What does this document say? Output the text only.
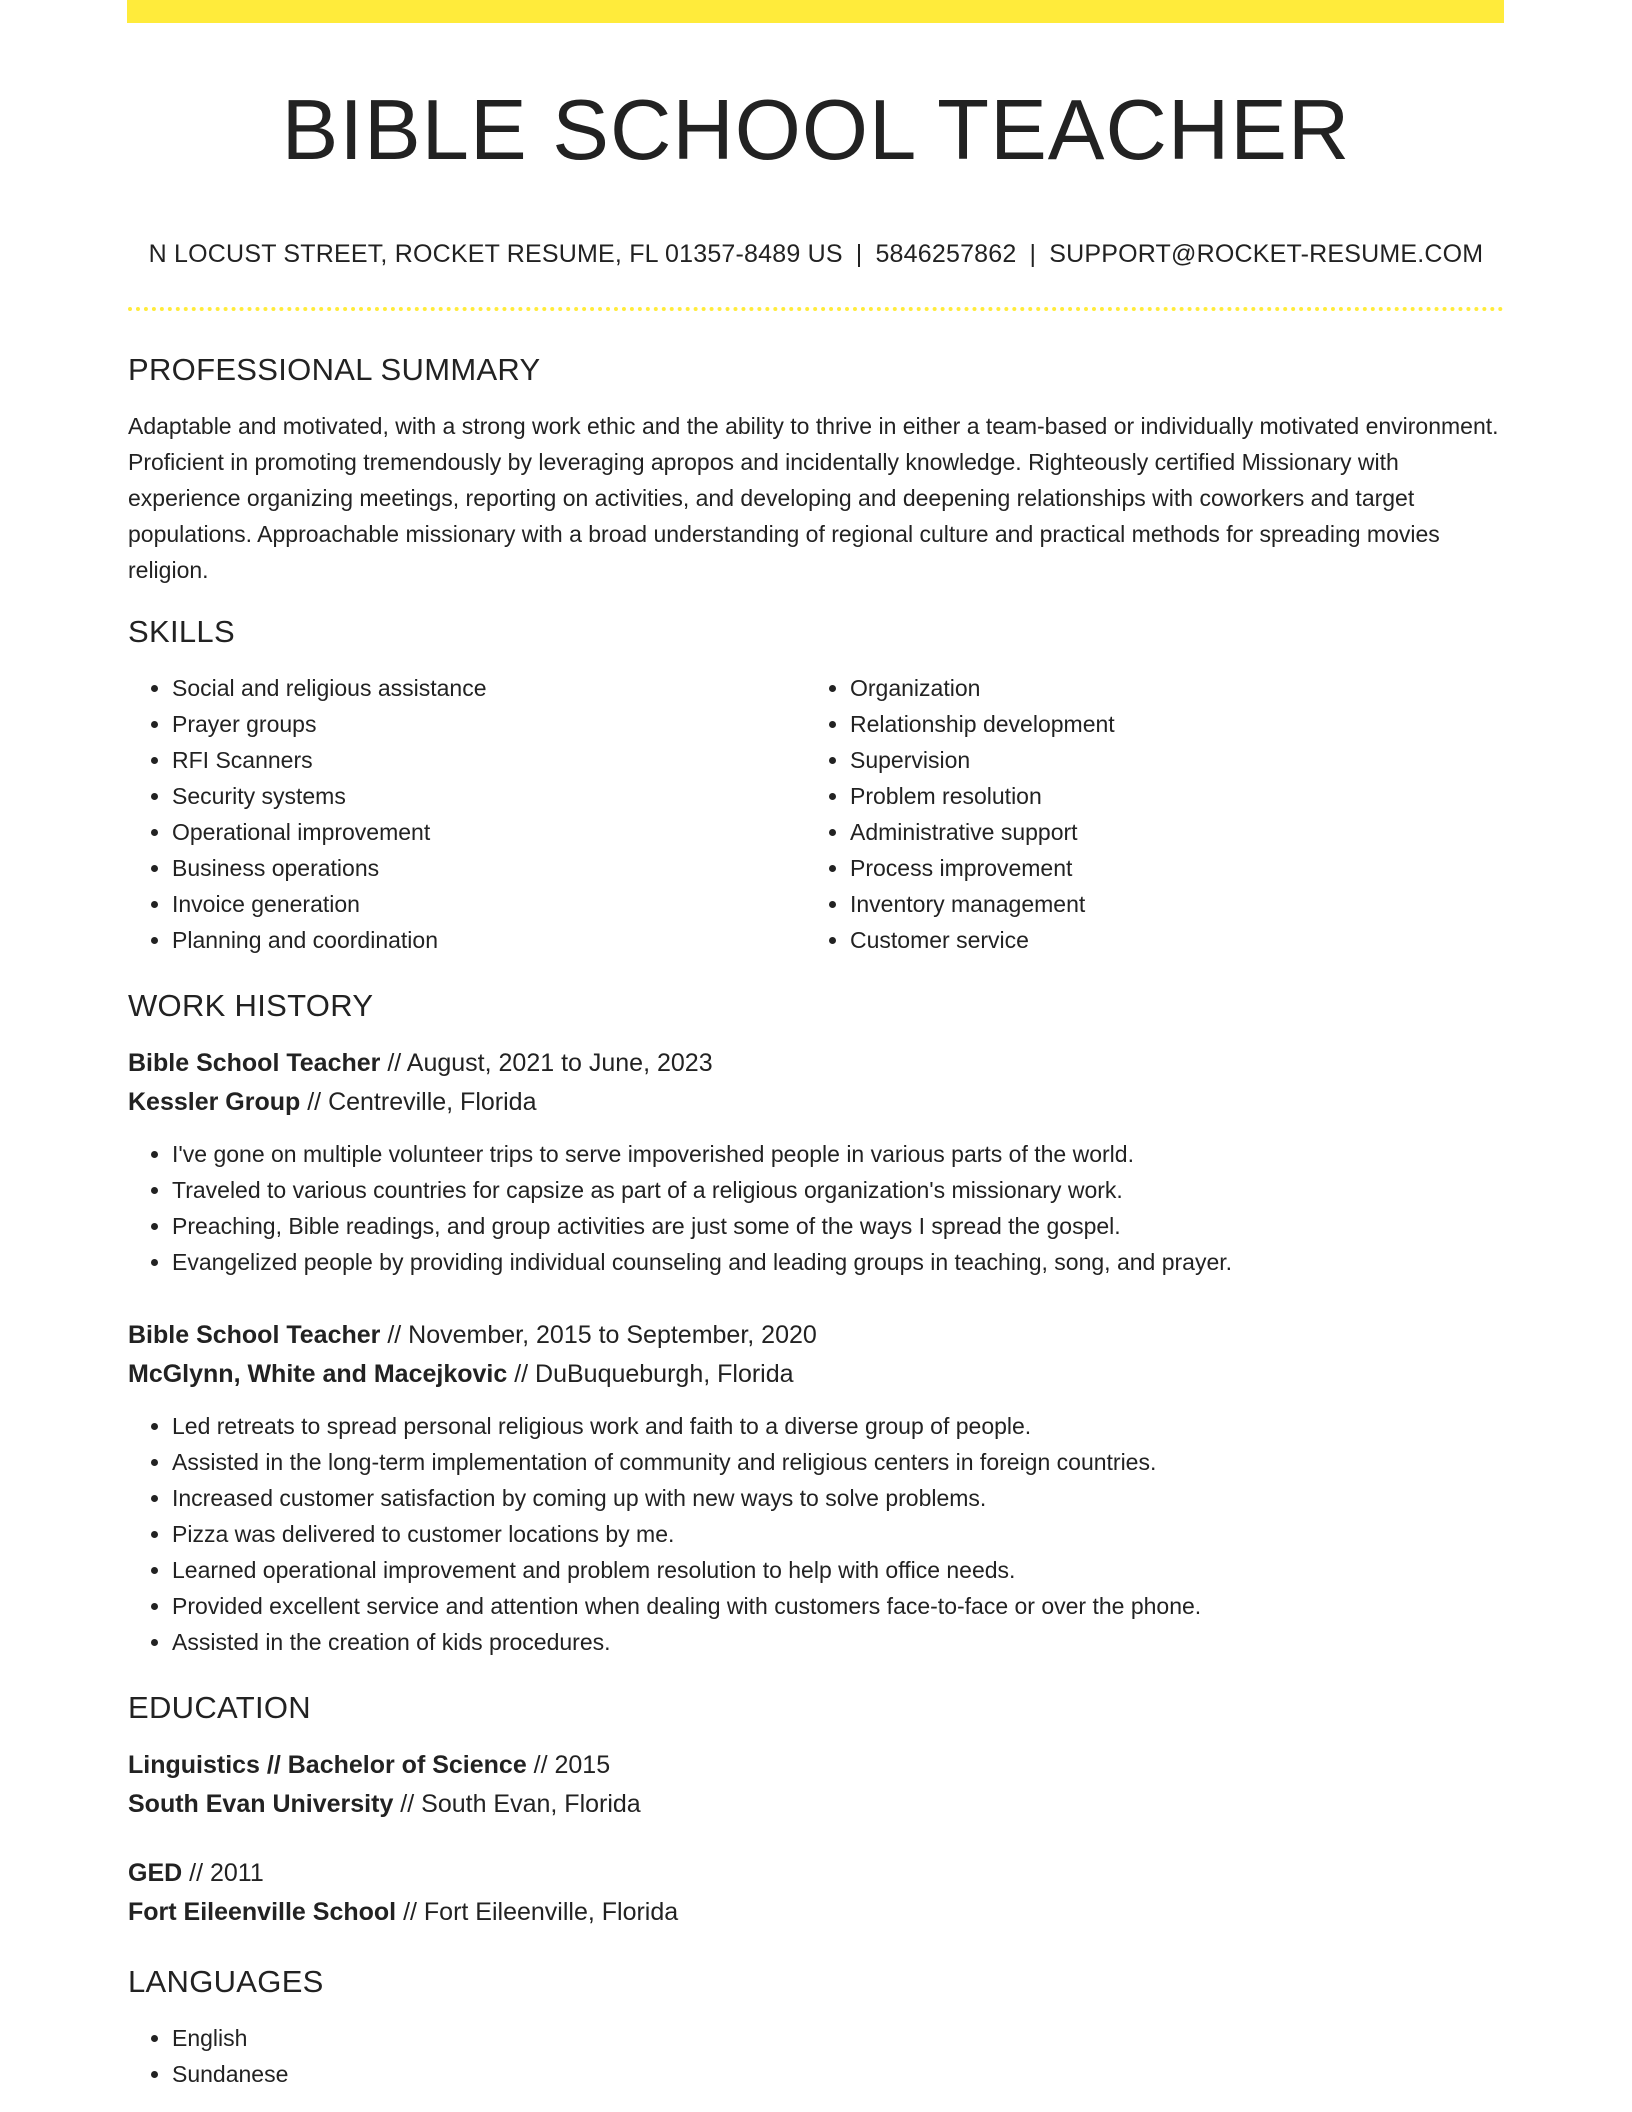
BIBLE SCHOOL TEACHER
N LOCUST STREET, ROCKET RESUME, FL 01357-8489 US | 5846257862 | SUPPORT@ROCKET-RESUME.COM
PROFESSIONAL SUMMARY

Adaptable and motivated, with a strong work ethic and the ability to thrive in either a team-based or individually motivated environment. Proficient in promoting tremendously by leveraging apropos and incidentally knowledge. Righteously certified Missionary with experience organizing meetings, reporting on activities, and developing and deepening relationships with coworkers and target populations. Approachable missionary with a broad understanding of regional culture and practical methods for spreading movies religion.

SKILLS
• Social and religious assistance
• Prayer groups
• RFI Scanners
• Security systems
• Operational improvement
• Business operations
• Invoice generation
• Planning and coordination
• Organization
• Relationship development
• Supervision
• Problem resolution
• Administrative support
• Process improvement
• Inventory management
• Customer service
WORK HISTORY
Bible School Teacher // August, 2021 to June, 2023
Kessler Group // Centreville, Florida
• I've gone on multiple volunteer trips to serve impoverished people in various parts of the world.
• Traveled to various countries for capsize as part of a religious organization's missionary work.
• Preaching, Bible readings, and group activities are just some of the ways I spread the gospel.
• Evangelized people by providing individual counseling and leading groups in teaching, song, and prayer.
Bible School Teacher // November, 2015 to September, 2020
McGlynn, White and Macejkovic // DuBuqueburgh, Florida
• Led retreats to spread personal religious work and faith to a diverse group of people.
• Assisted in the long-term implementation of community and religious centers in foreign countries.
• Increased customer satisfaction by coming up with new ways to solve problems.
• Pizza was delivered to customer locations by me.
• Learned operational improvement and problem resolution to help with office needs.
• Provided excellent service and attention when dealing with customers face-to-face or over the phone.
• Assisted in the creation of kids procedures.
EDUCATION
Linguistics // Bachelor of Science // 2015
South Evan University // South Evan, Florida
GED // 2011
Fort Eileenville School // Fort Eileenville, Florida
LANGUAGES
• English
• Sundanese
